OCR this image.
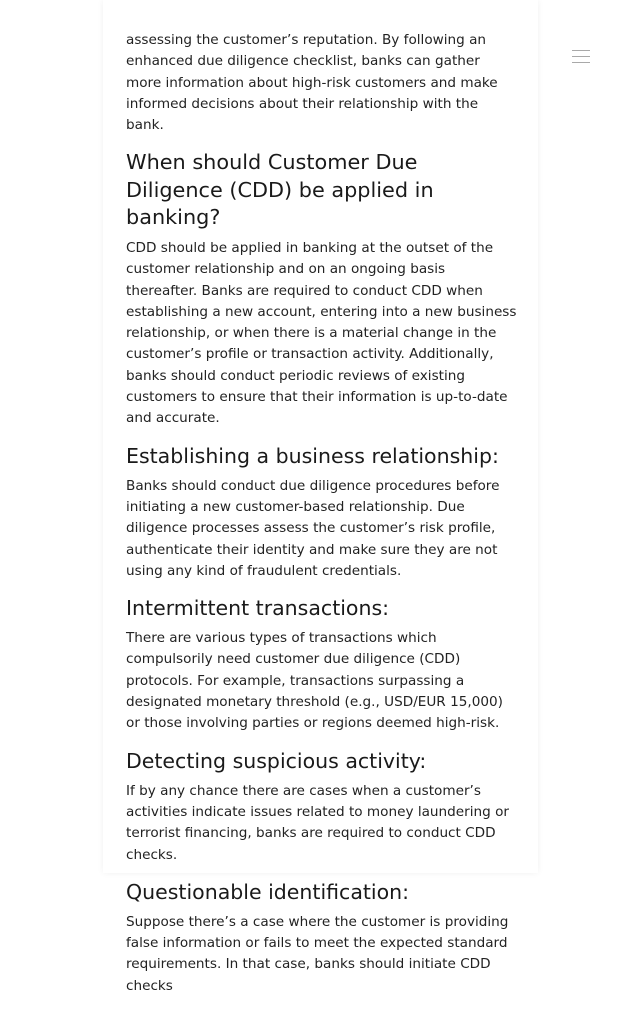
assessing the customer’s reputation. By following an enhanced due diligence checklist, banks can gather more information about high-risk customers and make informed decisions about their relationship with the bank.

When should Customer Due Diligence (CDD) be applied in banking?

CDD should be applied in banking at the outset of the customer relationship and on an ongoing basis thereafter. Banks are required to conduct CDD when establishing a new account, entering into a new business relationship, or when there is a material change in the customer’s profile or transaction activity. Additionally, banks should conduct periodic reviews of existing customers to ensure that their information is up-to-date and accurate.

Establishing a business relationship:

Banks should conduct due diligence procedures before initiating a new customer-based relationship. Due diligence processes assess the customer’s risk profile, authenticate their identity and make sure they are not using any kind of fraudulent credentials.

Intermittent transactions:

There are various types of transactions which compulsorily need customer due diligence (CDD) protocols. For example, transactions surpassing a designated monetary threshold (e.g., USD/EUR 15,000) or those involving parties or regions deemed high-risk.

Detecting suspicious activity:

If by any chance there are cases when a customer’s activities indicate issues related to money laundering or terrorist financing, banks are required to conduct CDD checks.

Questionable identification:

Suppose there’s a case where the customer is providing false information or fails to meet the expected standard requirements. In that case, banks should initiate CDD checks
